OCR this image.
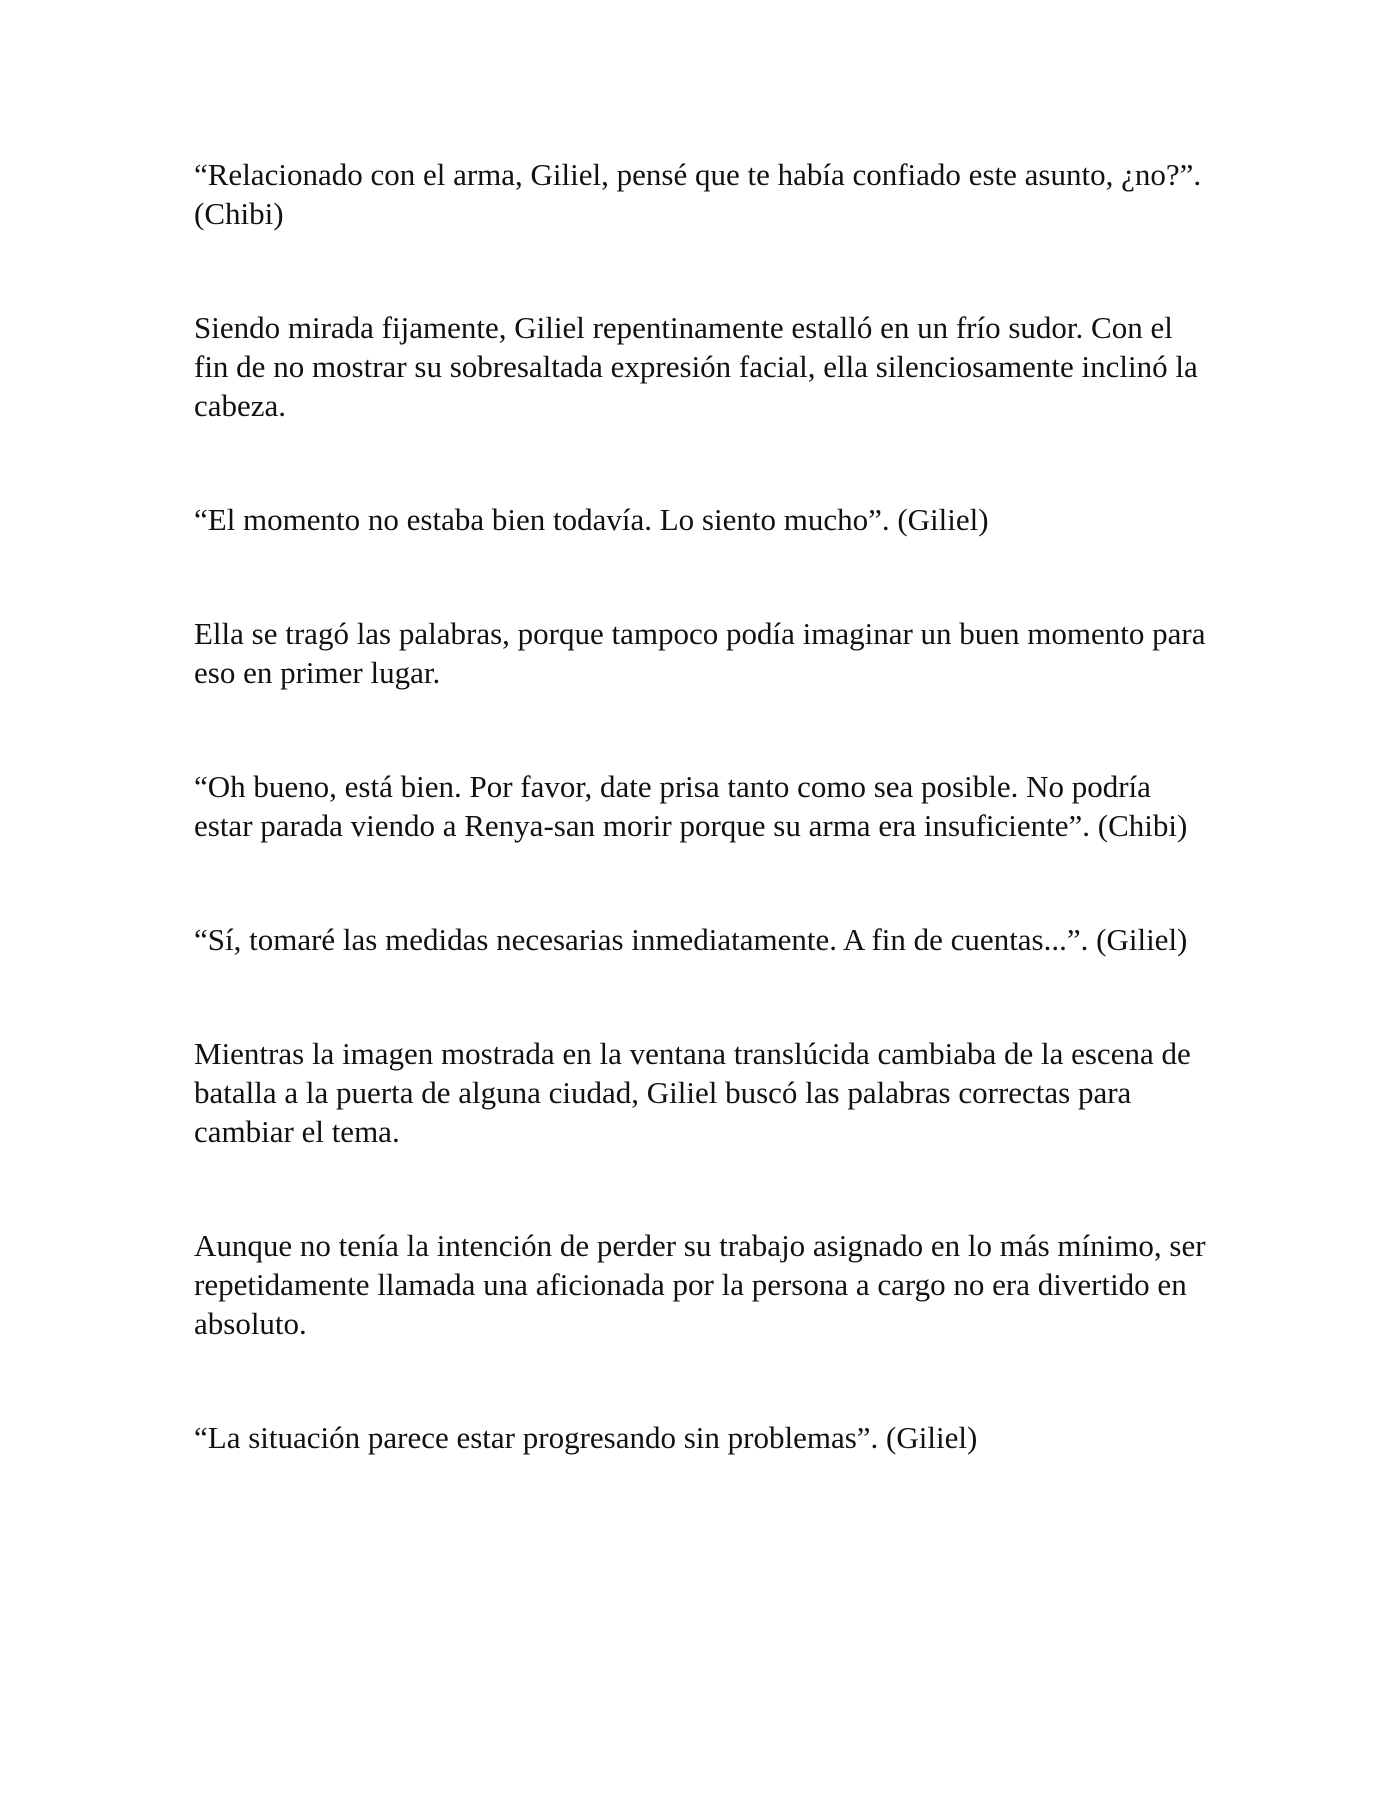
“Relacionado con el arma, Giliel, pensé que te había confiado este asunto, ¿no?”. (Chibi)

Siendo mirada fijamente, Giliel repentinamente estalló en un frío sudor. Con el fin de no mostrar su sobresaltada expresión facial, ella silenciosamente inclinó la cabeza.

“El momento no estaba bien todavía. Lo siento mucho”. (Giliel)

Ella se tragó las palabras, porque tampoco podía imaginar un buen momento para eso en primer lugar.

“Oh bueno, está bien. Por favor, date prisa tanto como sea posible. No podría estar parada viendo a Renya-san morir porque su arma era insuficiente”. (Chibi)

“Sí, tomaré las medidas necesarias inmediatamente. A fin de cuentas...”. (Giliel)

Mientras la imagen mostrada en la ventana translúcida cambiaba de la escena de batalla a la puerta de alguna ciudad, Giliel buscó las palabras correctas para cambiar el tema.

Aunque no tenía la intención de perder su trabajo asignado en lo más mínimo, ser repetidamente llamada una aficionada por la persona a cargo no era divertido en absoluto.

“La situación parece estar progresando sin problemas”. (Giliel)
